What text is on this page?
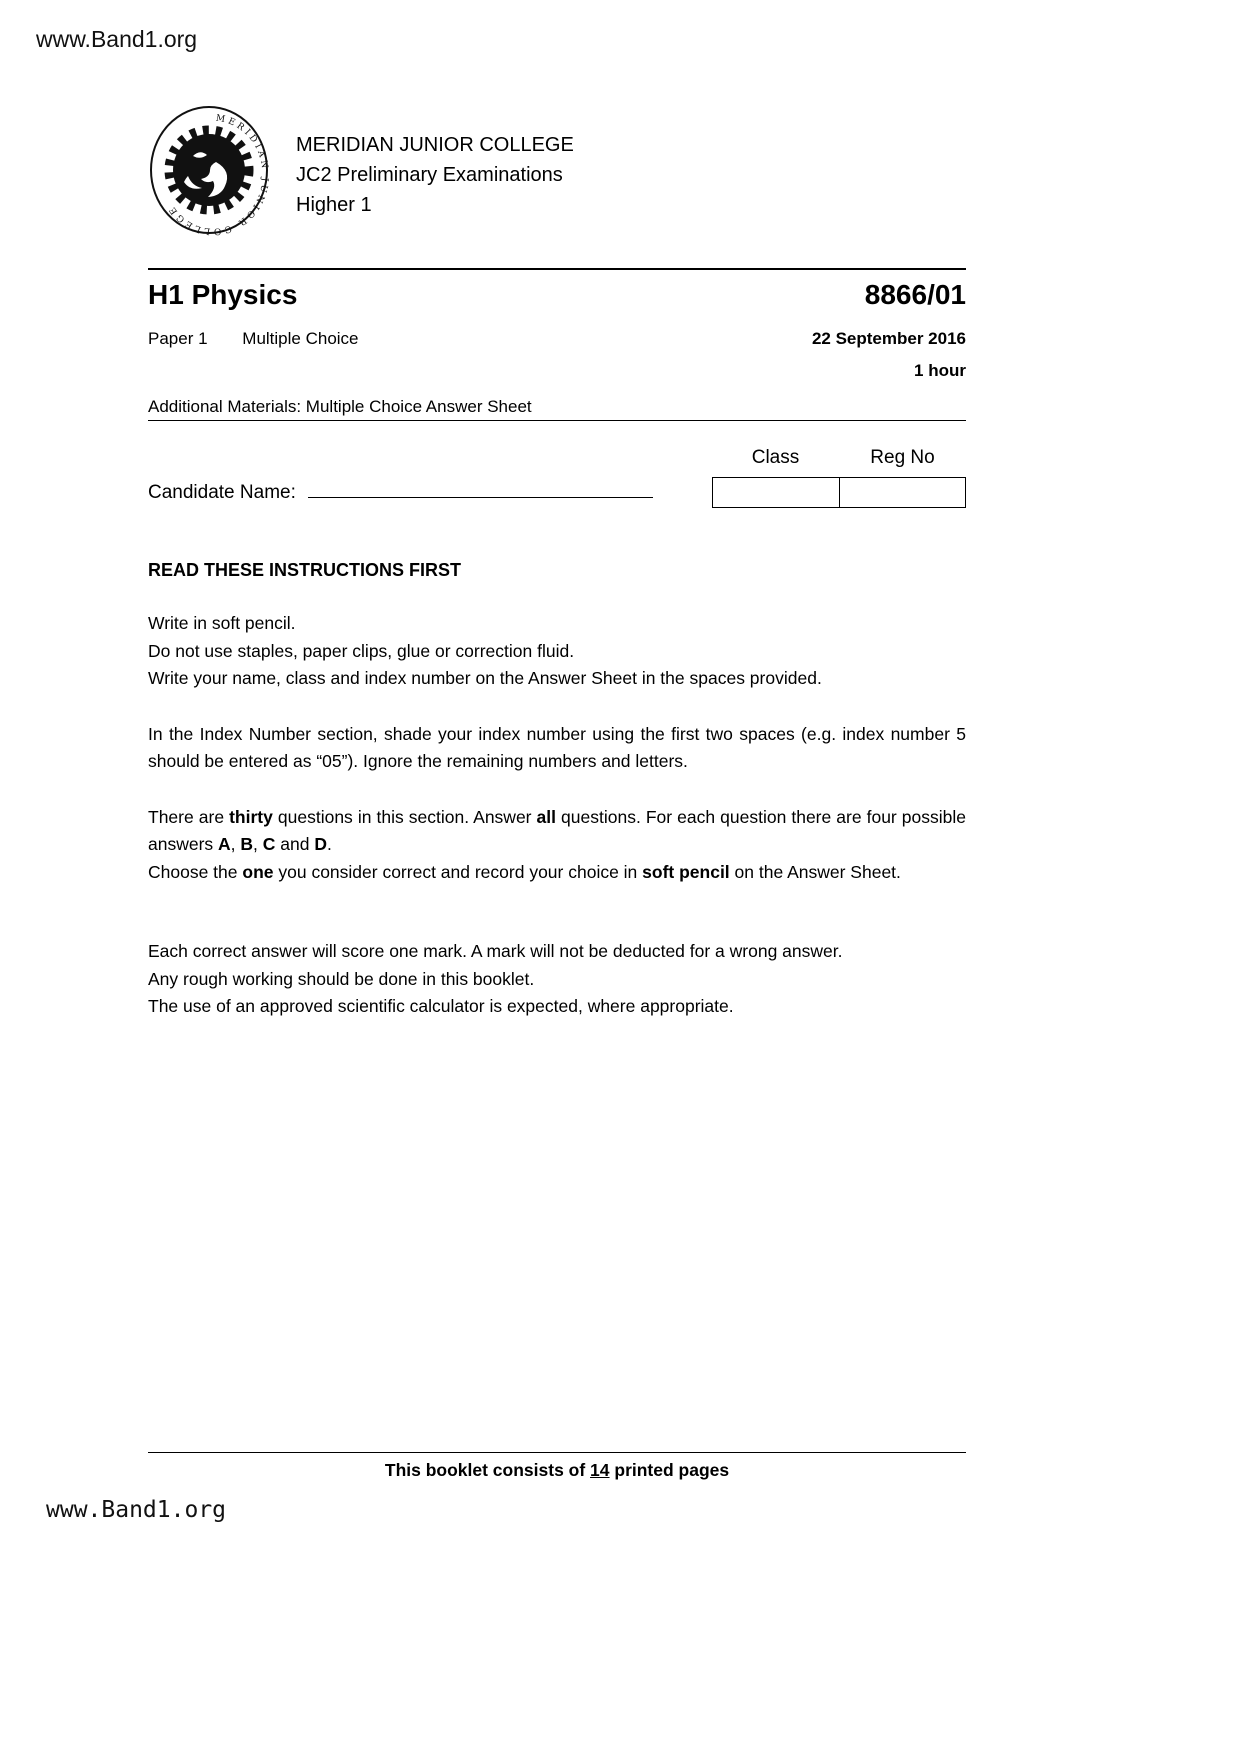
www.Band1.org
MERIDIAN JUNIOR COLLEGE
MERIDIAN JUNIOR COLLEGE
JC2 Preliminary Examinations
Higher 1
H1 Physics	8866/01
Paper 1 Multiple Choice	22 September 2016
1 hour
Additional Materials: Multiple Choice Answer Sheet
Candidate Name:
Class	Reg No
READ THESE INSTRUCTIONS FIRST
Write in soft pencil.
Do not use staples, paper clips, glue or correction fluid.
Write your name, class and index number on the Answer Sheet in the spaces provided.
In the Index Number section, shade your index number using the first two spaces (e.g. index number 5 should be entered as “05”). Ignore the remaining numbers and letters.
There are thirty questions in this section. Answer all questions. For each question there are four possible answers A, B, C and D.
Choose the one you consider correct and record your choice in soft pencil on the Answer Sheet.
Each correct answer will score one mark. A mark will not be deducted for a wrong answer.
Any rough working should be done in this booklet.
The use of an approved scientific calculator is expected, where appropriate.
This booklet consists of 14 printed pages
www.Band1.org
